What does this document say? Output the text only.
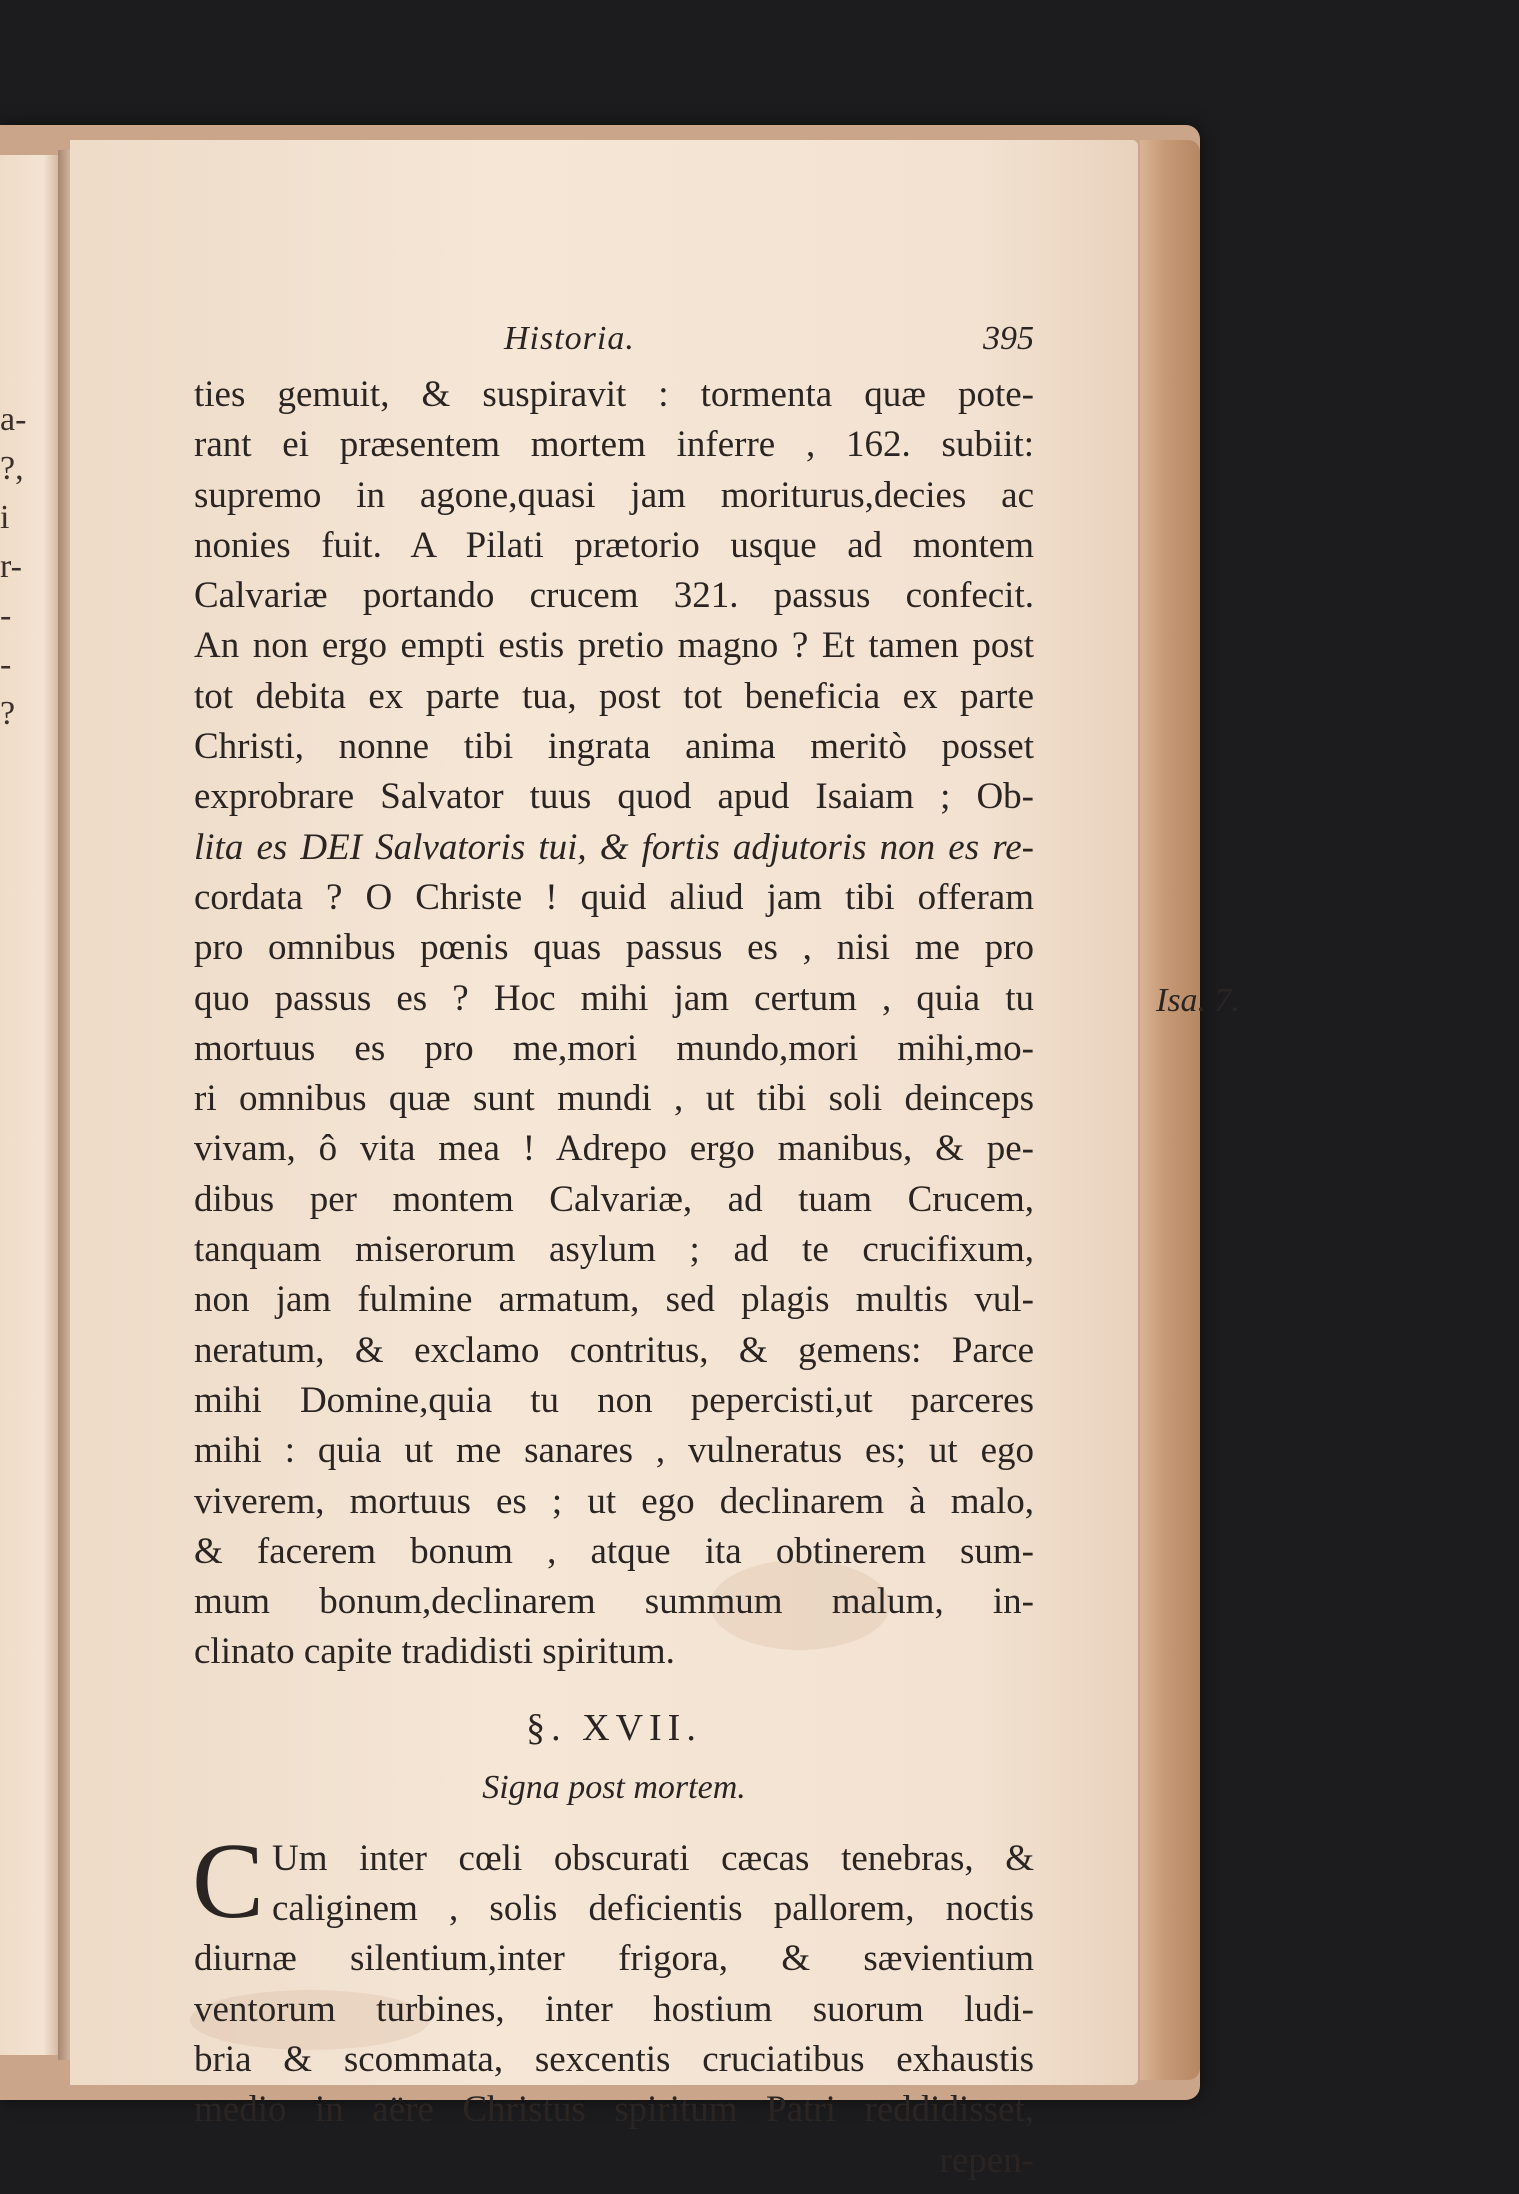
a-
?,
i
r-
-
-
?
Historia.	395
ties gemuit, & suspiravit : tormenta quæ pote-
rant ei præsentem mortem inferre , 162. subiit:
supremo in agone,quasi jam moriturus,decies ac
nonies fuit. A Pilati prætorio usque ad montem
Calvariæ portando crucem 321. passus confecit.
An non ergo empti estis pretio magno ? Et tamen post
tot debita ex parte tua, post tot beneficia ex parte
Christi, nonne tibi ingrata anima meritò posset
exprobrare Salvator tuus quod apud Isaiam ; Ob-
lita es DEI Salvatoris tui, & fortis adjutoris non es re-
cordata ? O Christe ! quid aliud jam tibi offeram
pro omnibus pœnis quas passus es , nisi me pro
quo passus es ? Hoc mihi jam certum , quia tu
mortuus es pro me,mori mundo,mori mihi,mo-
ri omnibus quæ sunt mundi , ut tibi soli deinceps
vivam, ô vita mea ! Adrepo ergo manibus, & pe-
dibus per montem Calvariæ, ad tuam Crucem,
tanquam miserorum asylum ; ad te crucifixum,
non jam fulmine armatum, sed plagis multis vul-
neratum, & exclamo contritus, & gemens: Parce
mihi Domine,quia tu non pepercisti,ut parceres
mihi : quia ut me sanares , vulneratus es; ut ego
viverem, mortuus es ; ut ego declinarem à malo,
& facerem bonum , atque ita obtinerem sum-
mum bonum,declinarem summum malum, in-
clinato capite tradidisti spiritum.
§. XVII.
Signa post mortem.
C Um inter cœli obscurati cæcas tenebras, &
caliginem , solis deficientis pallorem, noctis
diurnæ silentium,inter frigora, & sævientium
ventorum turbines, inter hostium suorum ludi-
bria & scommata, sexcentis cruciatibus exhaustis
medio in aëre Christus spiritum Patri reddidisset,
repen-
Isa. 7.
